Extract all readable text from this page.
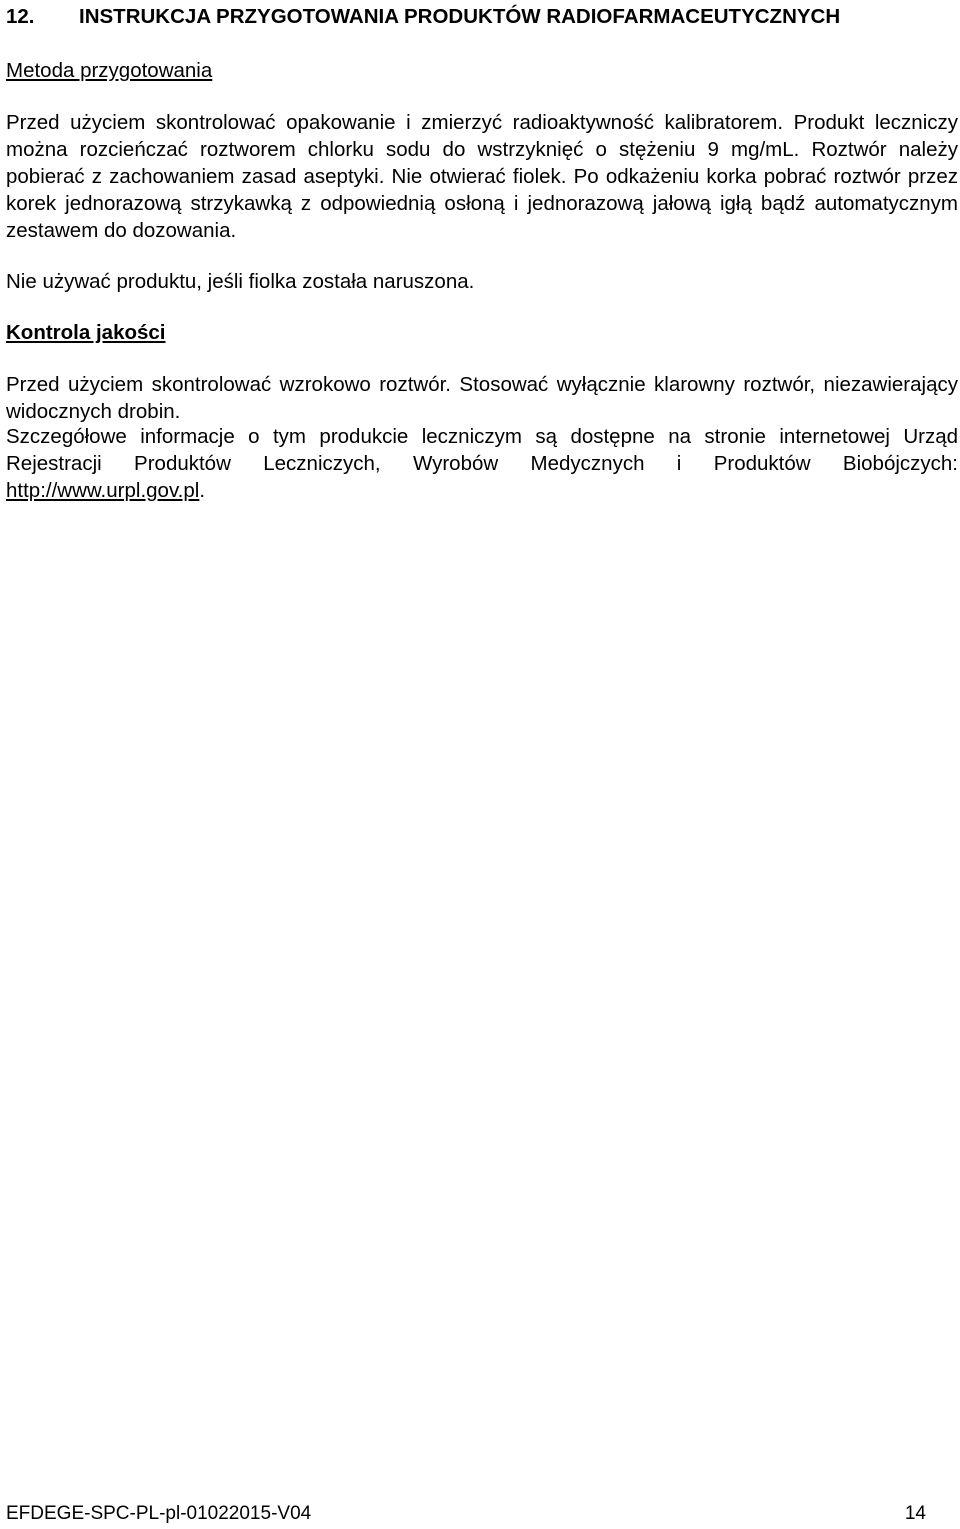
12. INSTRUKCJA PRZYGOTOWANIA PRODUKTÓW RADIOFARMACEUTYCZNYCH
Metoda przygotowania
Przed użyciem skontrolować opakowanie i zmierzyć radioaktywność kalibratorem. Produkt leczniczy można rozcieńczać roztworem chlorku sodu do wstrzyknięć o stężeniu 9 mg/mL. Roztwór należy pobierać z zachowaniem zasad aseptyki. Nie otwierać fiolek. Po odkażeniu korka pobrać roztwór przez korek jednorazową strzykawką z odpowiednią osłoną i jednorazową jałową igłą bądź automatycznym zestawem do dozowania.
Nie używać produktu, jeśli fiolka została naruszona.
Kontrola jakości
Przed użyciem skontrolować wzrokowo roztwór. Stosować wyłącznie klarowny roztwór, niezawierający widocznych drobin.
Szczegółowe informacje o tym produkcie leczniczym są dostępne na stronie internetowej Urząd Rejestracji Produktów Leczniczych, Wyrobów Medycznych i Produktów Biobójczych: http://www.urpl.gov.pl.
EFDEGE-SPC-PL-pl-01022015-V04	14
